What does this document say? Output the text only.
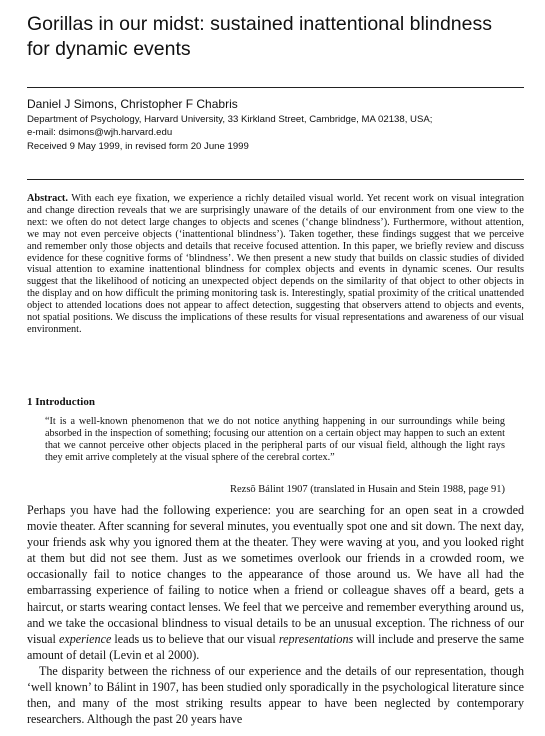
Gorillas in our midst: sustained inattentional blindness
for dynamic events
Daniel J Simons, Christopher F Chabris
Department of Psychology, Harvard University, 33 Kirkland Street, Cambridge, MA 02138, USA;
e-mail: dsimons@wjh.harvard.edu
Received 9 May 1999, in revised form 20 June 1999

Abstract. With each eye fixation, we experience a richly detailed visual world. Yet recent work on visual integration and change direction reveals that we are surprisingly unaware of the details of our environment from one view to the next: we often do not detect large changes to objects and scenes (‘change blindness’). Furthermore, without attention, we may not even perceive objects (‘inattentional blindness’). Taken together, these findings suggest that we perceive and remember only those objects and details that receive focused attention. In this paper, we briefly review and discuss evidence for these cognitive forms of ‘blindness’. We then present a new study that builds on classic studies of divided visual attention to examine inattentional blindness for complex objects and events in dynamic scenes. Our results suggest that the likelihood of noticing an unexpected object depends on the similarity of that object to other objects in the display and on how difficult the priming monitoring task is. Interestingly, spatial proximity of the critical unattended object to attended locations does not appear to affect detection, suggesting that observers attend to objects and events, not spatial positions. We discuss the implications of these results for visual representations and awareness of our visual environment.

1 Introduction

“It is a well-known phenomenon that we do not notice anything happening in our surroundings while being absorbed in the inspection of something; focusing our attention on a certain object may happen to such an extent that we cannot perceive other objects placed in the peripheral parts of our visual field, although the light rays they emit arrive completely at the visual sphere of the cerebral cortex.”

Rezsõ Bálint 1907 (translated in Husain and Stein 1988, page 91)

Perhaps you have had the following experience: you are searching for an open seat in a crowded movie theater. After scanning for several minutes, you eventually spot one and sit down. The next day, your friends ask why you ignored them at the theater. They were waving at you, and you looked right at them but did not see them. Just as we sometimes overlook our friends in a crowded room, we occasionally fail to notice changes to the appearance of those around us. We have all had the embarrassing experience of failing to notice when a friend or colleague shaves off a beard, gets a haircut, or starts wearing contact lenses. We feel that we perceive and remember everything around us, and we take the occasional blindness to visual details to be an unusual exception. The richness of our visual experience leads us to believe that our visual representations will include and preserve the same amount of detail (Levin et al 2000).

The disparity between the richness of our experience and the details of our representation, though ‘well known’ to Bálint in 1907, has been studied only sporadically in the psychological literature since then, and many of the most striking results appear to have been neglected by contemporary researchers. Although the past 20 years have
